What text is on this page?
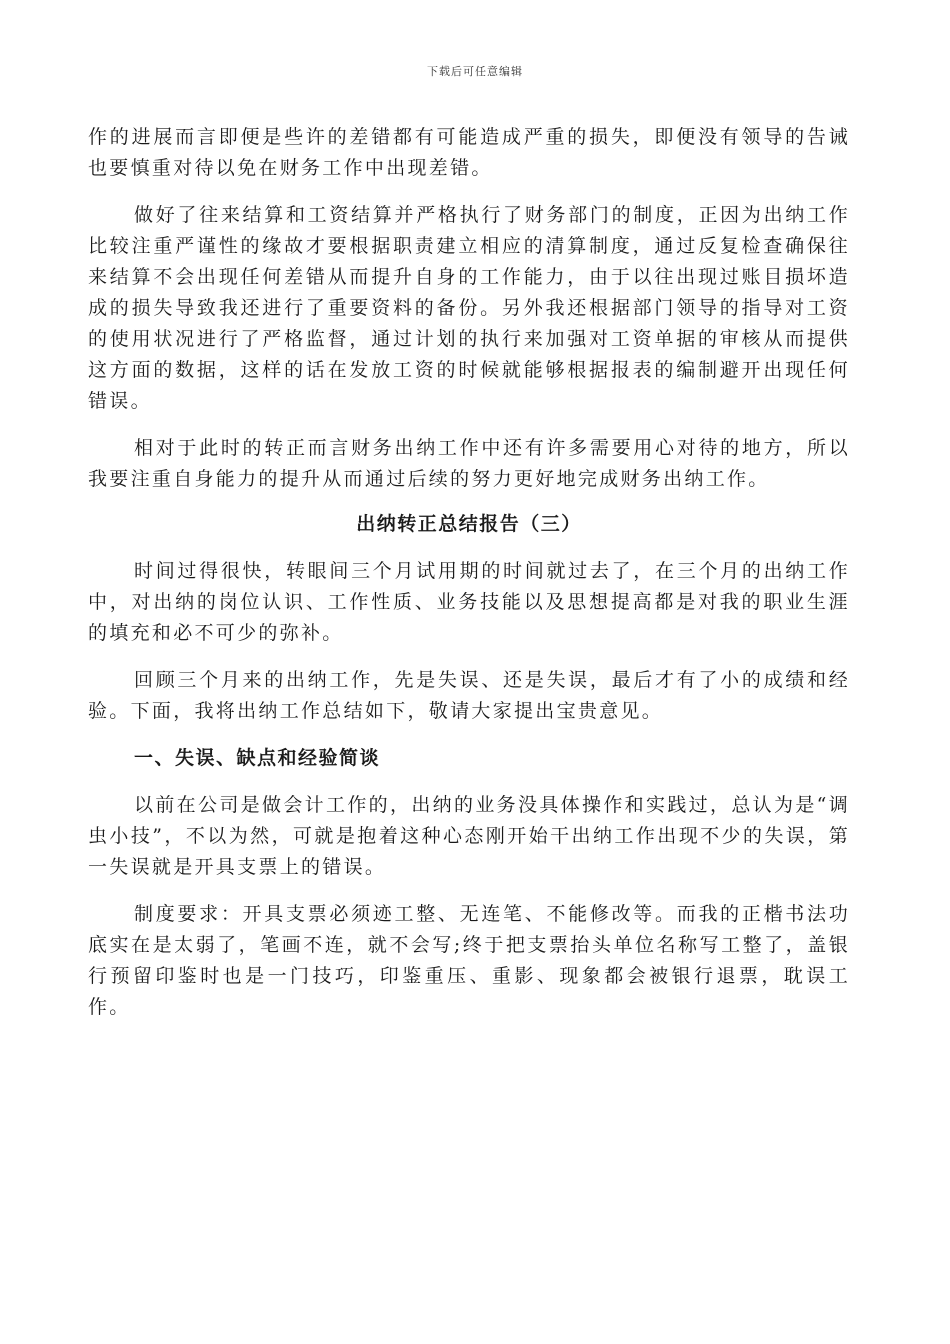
下载后可任意编辑

作的进展而言即便是些许的差错都有可能造成严重的损失，即便没有领导的告诫也要慎重对待以免在财务工作中出现差错。

做好了往来结算和工资结算并严格执行了财务部门的制度，正因为出纳工作比较注重严谨性的缘故才要根据职责建立相应的清算制度，通过反复检查确保往来结算不会出现任何差错从而提升自身的工作能力，由于以往出现过账目损坏造成的损失导致我还进行了重要资料的备份。另外我还根据部门领导的指导对工资的使用状况进行了严格监督，通过计划的执行来加强对工资单据的审核从而提供这方面的数据，这样的话在发放工资的时候就能够根据报表的编制避开出现任何错误。

相对于此时的转正而言财务出纳工作中还有许多需要用心对待的地方，所以我要注重自身能力的提升从而通过后续的努力更好地完成财务出纳工作。

出纳转正总结报告（三）

时间过得很快，转眼间三个月试用期的时间就过去了，在三个月的出纳工作中，对出纳的岗位认识、工作性质、业务技能以及思想提高都是对我的职业生涯的填充和必不可少的弥补。

回顾三个月来的出纳工作，先是失误、还是失误，最后才有了小的成绩和经验。下面，我将出纳工作总结如下，敬请大家提出宝贵意见。

一、失误、缺点和经验简谈

以前在公司是做会计工作的，出纳的业务没具体操作和实践过，总认为是“调虫小技”，不以为然，可就是抱着这种心态刚开始干出纳工作出现不少的失误，第一失误就是开具支票上的错误。

制度要求：开具支票必须迹工整、无连笔、不能修改等。而我的正楷书法功底实在是太弱了，笔画不连，就不会写;终于把支票抬头单位名称写工整了，盖银行预留印鉴时也是一门技巧，印鉴重压、重影、现象都会被银行退票，耽误工作。
